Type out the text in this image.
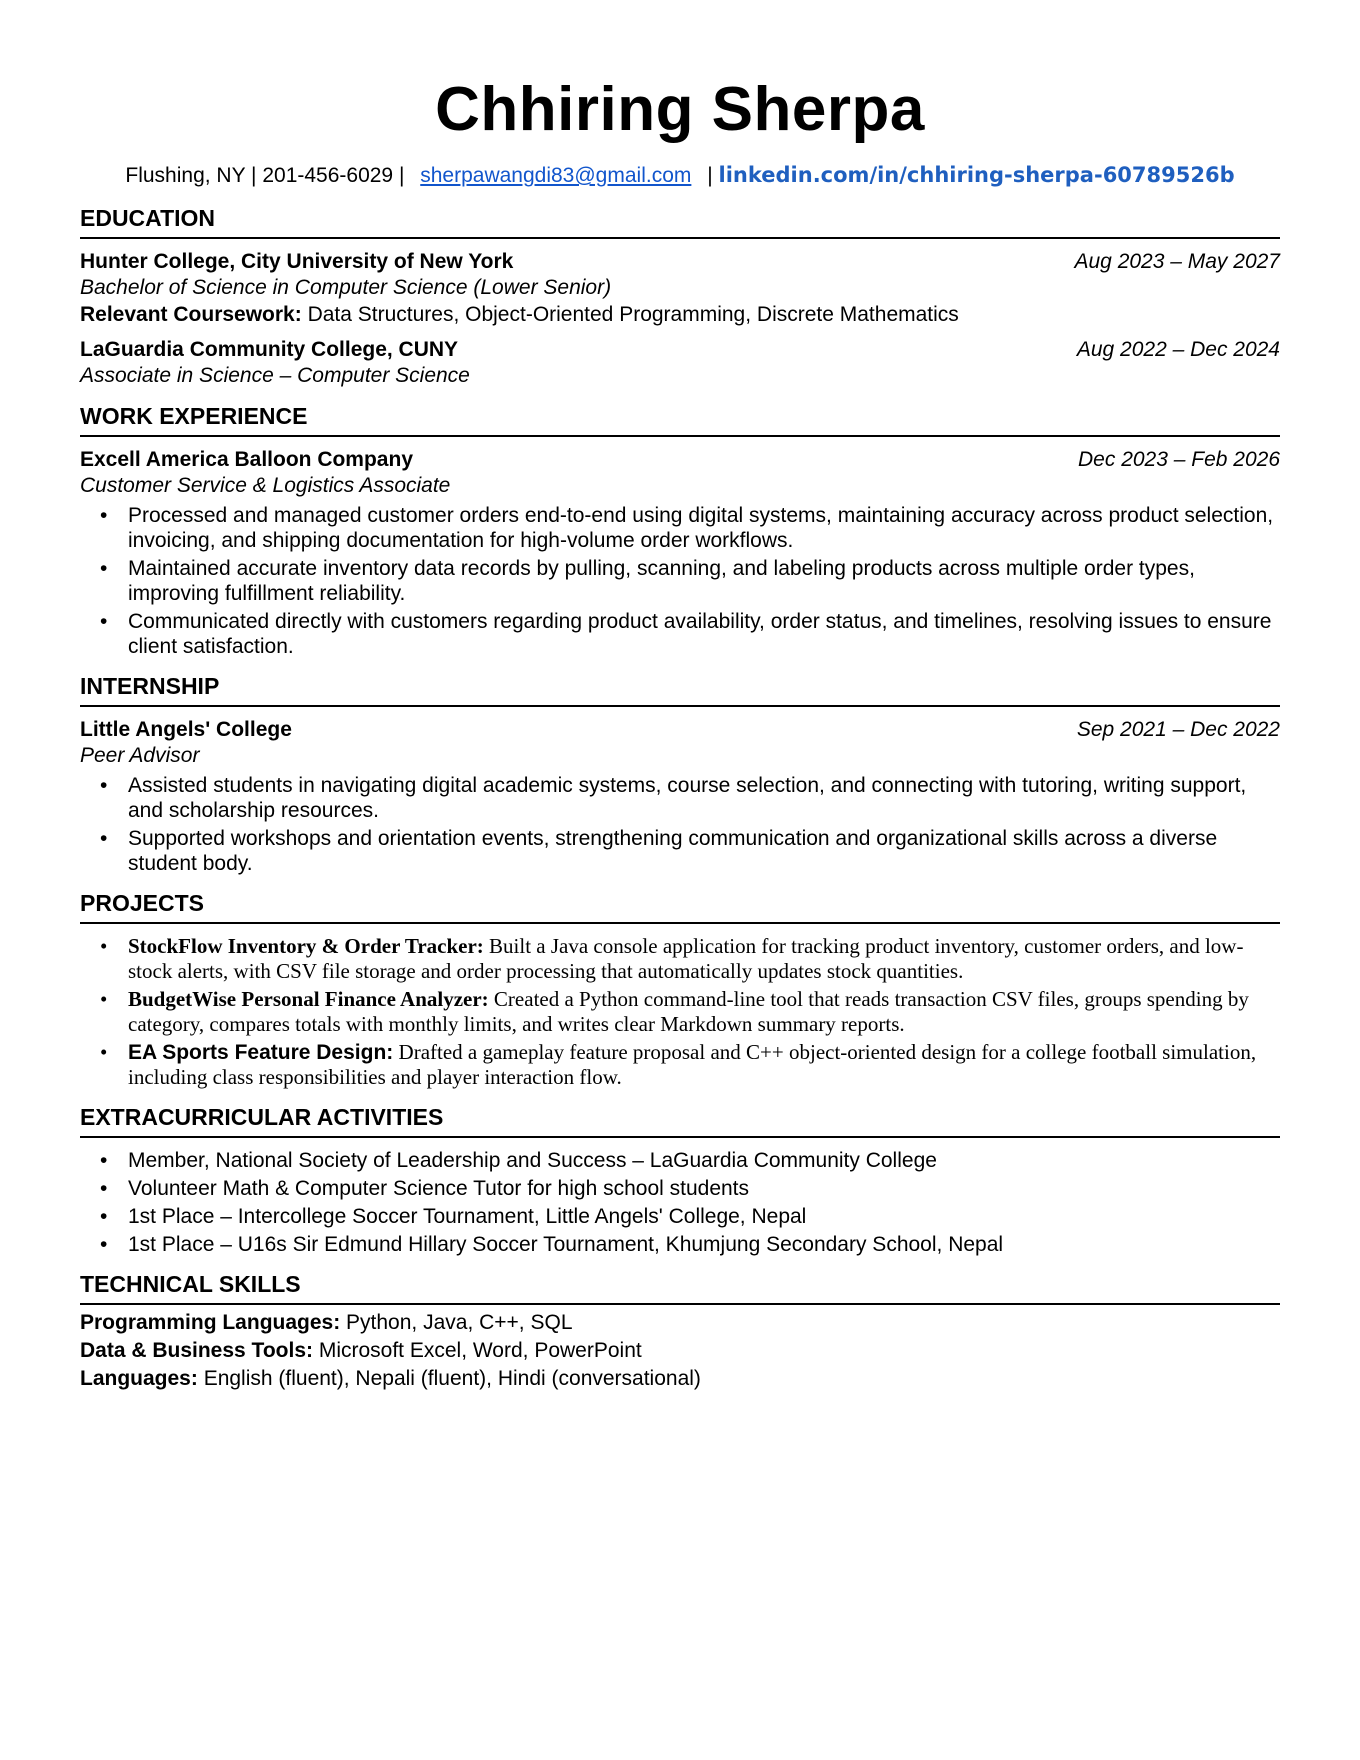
Chhiring Sherpa
Flushing, NY | 201-456-6029 | sherpawangdi83@gmail.com | linkedin.com/in/chhiring-sherpa-60789526b
EDUCATION
Hunter College, City University of New York	Aug 2023 – May 2027
Bachelor of Science in Computer Science (Lower Senior)
Relevant Coursework: Data Structures, Object-Oriented Programming, Discrete Mathematics
LaGuardia Community College, CUNY	Aug 2022 – Dec 2024
Associate in Science – Computer Science
WORK EXPERIENCE
Excell America Balloon Company	Dec 2023 – Feb 2026
Customer Service & Logistics Associate
• Processed and managed customer orders end-to-end using digital systems, maintaining accuracy across product selection, invoicing, and shipping documentation for high-volume order workflows.
• Maintained accurate inventory data records by pulling, scanning, and labeling products across multiple order types, improving fulfillment reliability.
• Communicated directly with customers regarding product availability, order status, and timelines, resolving issues to ensure client satisfaction.
INTERNSHIP
Little Angels' College	Sep 2021 – Dec 2022
Peer Advisor
• Assisted students in navigating digital academic systems, course selection, and connecting with tutoring, writing support, and scholarship resources.
• Supported workshops and orientation events, strengthening communication and organizational skills across a diverse student body.
PROJECTS
• StockFlow Inventory & Order Tracker: Built a Java console application for tracking product inventory, customer orders, and low-stock alerts, with CSV file storage and order processing that automatically updates stock quantities.
• BudgetWise Personal Finance Analyzer: Created a Python command-line tool that reads transaction CSV files, groups spending by category, compares totals with monthly limits, and writes clear Markdown summary reports.
• EA Sports Feature Design: Drafted a gameplay feature proposal and C++ object-oriented design for a college football simulation, including class responsibilities and player interaction flow.
EXTRACURRICULAR ACTIVITIES
• Member, National Society of Leadership and Success – LaGuardia Community College
• Volunteer Math & Computer Science Tutor for high school students
• 1st Place – Intercollege Soccer Tournament, Little Angels' College, Nepal
• 1st Place – U16s Sir Edmund Hillary Soccer Tournament, Khumjung Secondary School, Nepal
TECHNICAL SKILLS
Programming Languages: Python, Java, C++, SQL
Data & Business Tools: Microsoft Excel, Word, PowerPoint
Languages: English (fluent), Nepali (fluent), Hindi (conversational)
